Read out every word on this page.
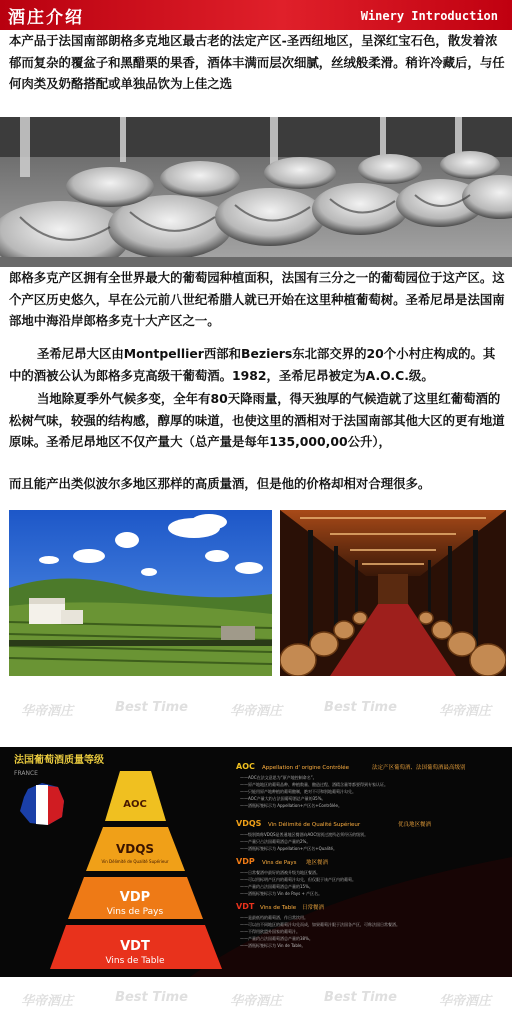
酒庄介绍	Winery Introduction

本产品于法国南部朗格多克地区最古老的法定产区-圣西纽地区，呈深红宝石色，散发着浓郁而复杂的覆盆子和黑醋栗的果香，酒体丰满而层次细腻，丝绒般柔滑。稍许冷藏后，与任何肉类及奶酪搭配或单独品饮为上佳之选

郎格多克产区拥有全世界最大的葡萄园种植面积，法国有三分之一的葡萄园位于这产区。这个产区历史悠久，早在公元前八世纪希腊人就已开始在这里种植葡萄树。圣希尼昂是法国南部地中海沿岸郎格多克十大产区之一。

圣希尼昂大区由Montpellier西部和Beziers东北部交界的20个小村庄构成的。其中的酒被公认为郎格多克高级干葡萄酒。1982，圣希尼昂被定为A.O.C.级。

当地除夏季外气候多变，全年有80天降雨量，得天独厚的气候造就了这里红葡萄酒的松树气味，较强的结构感，醇厚的味道，也使这里的酒相对于法国南部其他大区的更有地道原味。圣希尼昂地区不仅产量大（总产量是每年135,000,00公升），

而且能产出类似波尔多地区那样的高质量酒，但是他的价格却相对合理很多。

华帝酒庄	Best Time	华帝酒庄	Best Time	华帝酒庄
华帝酒庄	Best Time	华帝酒庄	Best Time	华帝酒庄
法国葡萄酒质量等级
FRANCE
AOC
VDQS
Vin Délimité de Qualité Supérieur
VDP
Vins de Pays
VDT
Vins de Table
AOC Appellation d' origine Contrôlée	法定产区葡萄酒、法国葡萄酒最高级别
——AOC在法文意思为“原产地控制命名”。
——原产地地区的葡萄品种、种植数量、酿造过程、酒精含量等都要得到专家认证。
——只能用原产地种植的葡萄酿制，绝对不可和别地葡萄汁勾兑。
——AOC产量大约占法国葡萄酒总产量的35%。
——酒瓶标签标示为 Appellation+产区名+Contrôlée。
VDQS Vin Délimité de Qualité Supérieur	优良地区餐酒
——级别简称VDQS是普通地区餐酒向AOC级别过渡所必须经历的级别。
——产量只占法国葡萄酒总产量的2%。
——酒瓶标签标示为 Appellation+产区名+Qualité。
VDP Vins de Pays 地区餐酒
——日常餐酒中最好的酒被升级为地区餐酒。
——可以用标明产区内的葡萄汁勾兑，但仅限于该产区内的葡萄。
——产量约占法国葡萄酒总产量的15%。
——酒瓶标签标示为 Vin de Pays + 产区名。
VDT Vins de Table 日常餐酒
——是最低档的葡萄酒，作日常饮用。
——可以由不同地区的葡萄汁勾兑而成，如果葡萄汁限于法国各产区，可称法国日常餐酒。
——不得用欧盟外国家的葡萄汁。
——产量约占法国葡萄酒总产量的38%。
——酒瓶标签标示为 Vin de Table。
